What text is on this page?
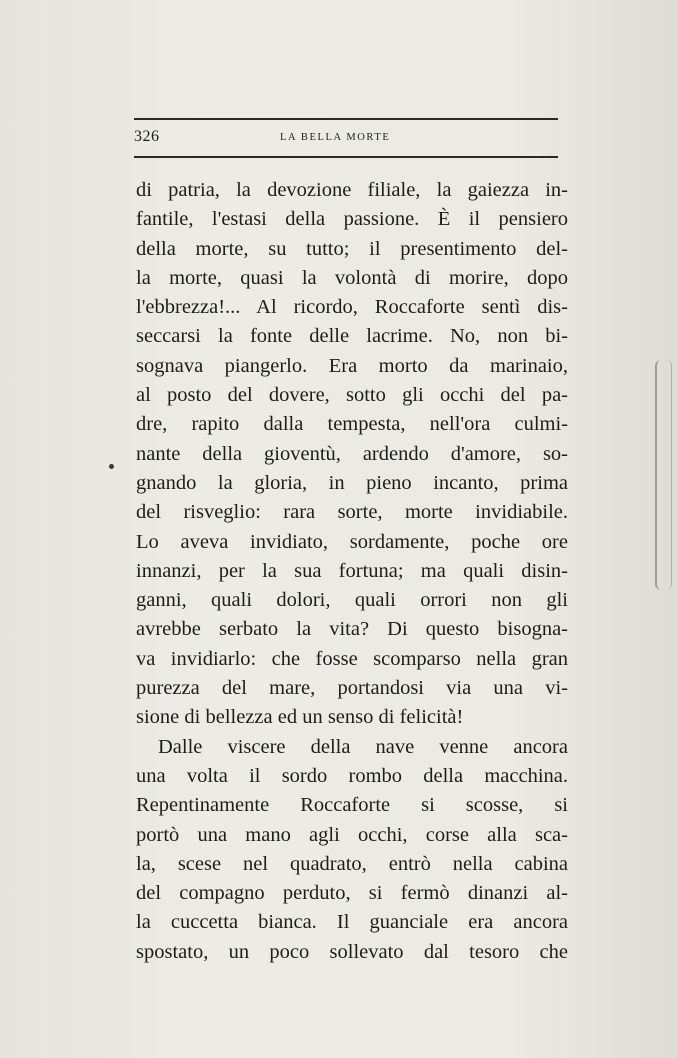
326	LA BELLA MORTE
di patria, la devozione filiale, la gaiezza in-
fantile, l'estasi della passione. È il pensiero
della morte, su tutto; il presentimento del-
la morte, quasi la volontà di morire, dopo
l'ebbrezza!... Al ricordo, Roccaforte sentì dis-
seccarsi la fonte delle lacrime. No, non bi-
sognava piangerlo. Era morto da marinaio,
al posto del dovere, sotto gli occhi del pa-
dre, rapito dalla tempesta, nell'ora culmi-
nante della gioventù, ardendo d'amore, so-
gnando la gloria, in pieno incanto, prima
del risveglio: rara sorte, morte invidiabile.
Lo aveva invidiato, sordamente, poche ore
innanzi, per la sua fortuna; ma quali disin-
ganni, quali dolori, quali orrori non gli
avrebbe serbato la vita? Di questo bisogna-
va invidiarlo: che fosse scomparso nella gran
purezza del mare, portandosi via una vi-
sione di bellezza ed un senso di felicità!
Dalle viscere della nave venne ancora
una volta il sordo rombo della macchina.
Repentinamente Roccaforte si scosse, si
portò una mano agli occhi, corse alla sca-
la, scese nel quadrato, entrò nella cabina
del compagno perduto, si fermò dinanzi al-
la cuccetta bianca. Il guanciale era ancora
spostato, un poco sollevato dal tesoro che
